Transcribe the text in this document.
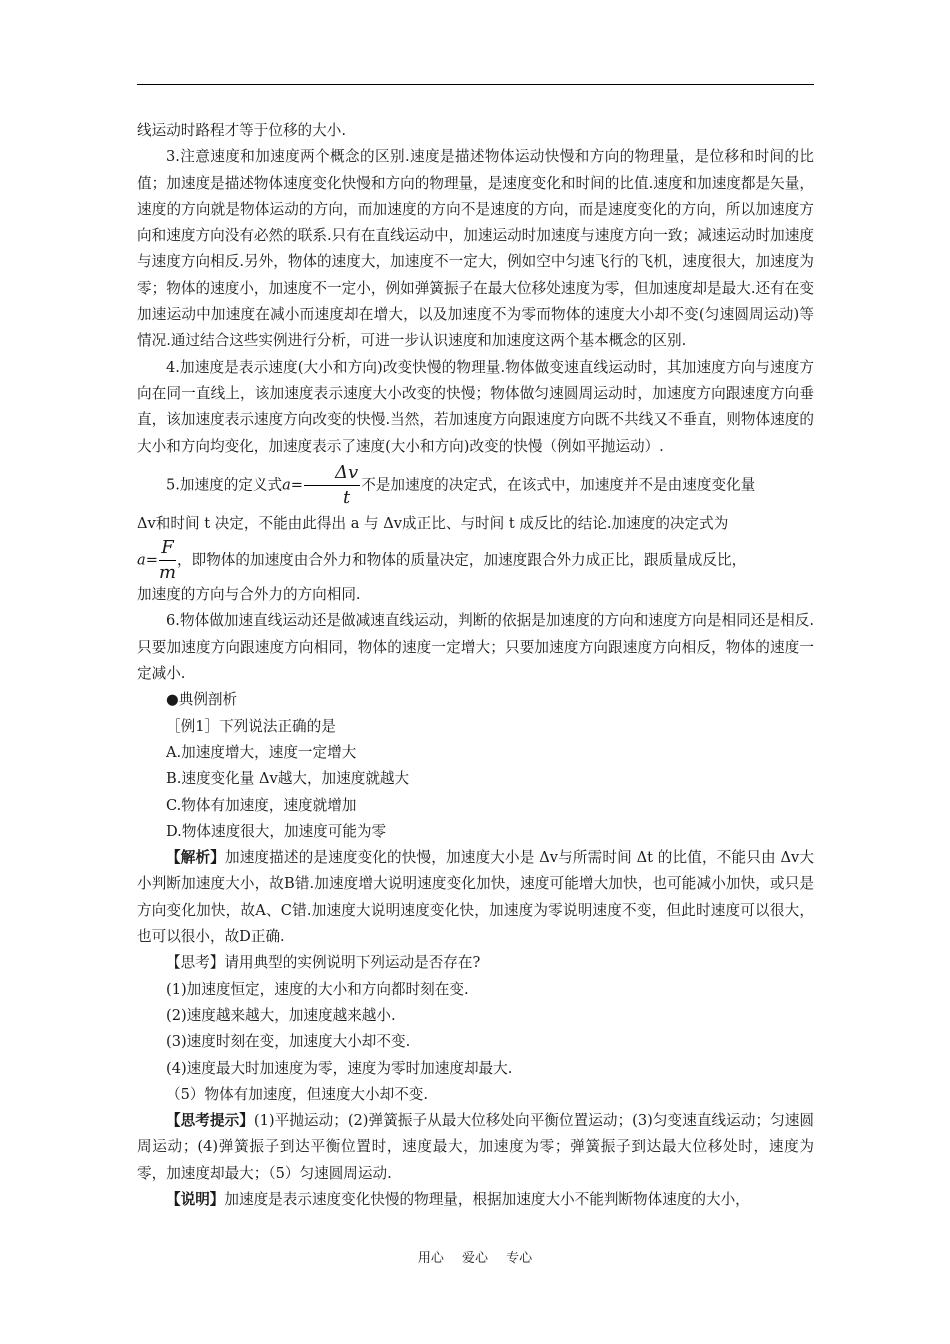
线运动时路程才等于位移的大小.

3.注意速度和加速度两个概念的区别.速度是描述物体运动快慢和方向的物理量，是位移和时间的比值；加速度是描述物体速度变化快慢和方向的物理量，是速度变化和时间的比值.速度和加速度都是矢量，速度的方向就是物体运动的方向，而加速度的方向不是速度的方向，而是速度变化的方向，所以加速度方向和速度方向没有必然的联系.只有在直线运动中，加速运动时加速度与速度方向一致；减速运动时加速度与速度方向相反.另外，物体的速度大，加速度不一定大，例如空中匀速飞行的飞机，速度很大，加速度为零；物体的速度小，加速度不一定小，例如弹簧振子在最大位移处速度为零，但加速度却是最大.还有在变加速运动中加速度在减小而速度却在增大，以及加速度不为零而物体的速度大小却不变(匀速圆周运动)等情况.通过结合这些实例进行分析，可进一步认识速度和加速度这两个基本概念的区别.

4.加速度是表示速度(大小和方向)改变快慢的物理量.物体做变速直线运动时，其加速度方向与速度方向在同一直线上，该加速度表示速度大小改变的快慢；物体做匀速圆周运动时，加速度方向跟速度方向垂直，该加速度表示速度方向改变的快慢.当然，若加速度方向跟速度方向既不共线又不垂直，则物体速度的大小和方向均变化，加速度表示了速度(大小和方向)改变的快慢（例如平抛运动）.

5.加速度的定义式$a= \frac{\Delta v}{t}$ 不是加速度的决定式，在该式中，加速度并不是由速度变化量

Δv和时间 t 决定，不能由此得出 a 与 Δv成正比、与时间 t 成反比的结论.加速度的决定式为

$a= \frac{F}{m}$ ，即物体的加速度由合外力和物体的质量决定，加速度跟合外力成正比，跟质量成反比，

加速度的方向与合外力的方向相同.

6.物体做加速直线运动还是做减速直线运动，判断的依据是加速度的方向和速度方向是相同还是相反.只要加速度方向跟速度方向相同，物体的速度一定增大；只要加速度方向跟速度方向相反，物体的速度一定减小.

●典例剖析

［例1］下列说法正确的是

A.加速度增大，速度一定增大

B.速度变化量 Δv越大，加速度就越大

C.物体有加速度，速度就增加

D.物体速度很大，加速度可能为零

【解析】加速度描述的是速度变化的快慢，加速度大小是 Δv与所需时间 Δt 的比值，不能只由 Δv大小判断加速度大小，故B错.加速度增大说明速度变化加快，速度可能增大加快，也可能减小加快，或只是方向变化加快，故A、C错.加速度大说明速度变化快，加速度为零说明速度不变，但此时速度可以很大，也可以很小，故D正确.

【思考】请用典型的实例说明下列运动是否存在?

(1)加速度恒定，速度的大小和方向都时刻在变.

(2)速度越来越大，加速度越来越小.

(3)速度时刻在变，加速度大小却不变.

(4)速度最大时加速度为零，速度为零时加速度却最大.

（5）物体有加速度，但速度大小却不变.

【思考提示】(1)平抛运动；(2)弹簧振子从最大位移处向平衡位置运动；(3)匀变速直线运动；匀速圆周运动；(4)弹簧振子到达平衡位置时，速度最大，加速度为零；弹簧振子到达最大位移处时，速度为零，加速度却最大；（5）匀速圆周运动.

【说明】加速度是表示速度变化快慢的物理量，根据加速度大小不能判断物体速度的大小，

用心 爱心 专心
